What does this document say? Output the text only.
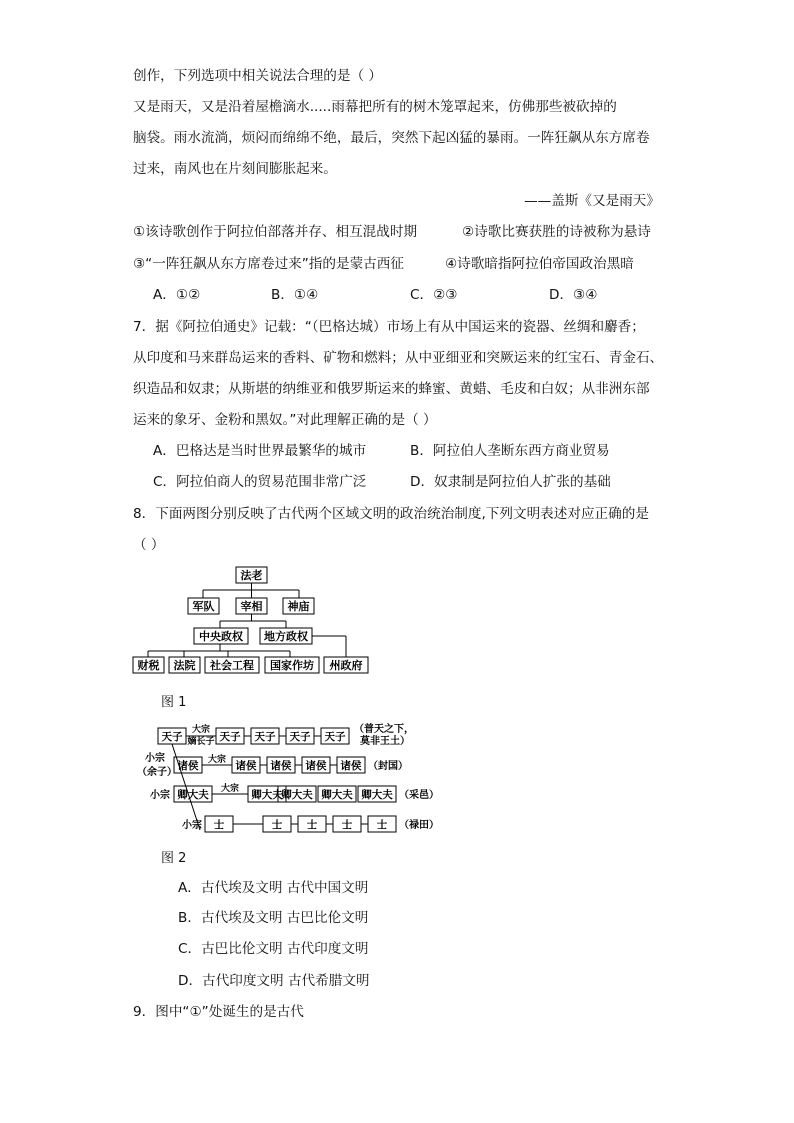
创作，下列选项中相关说法合理的是（ ）
又是雨天，又是沿着屋檐滴水.....雨幕把所有的树木笼罩起来，仿佛那些被砍掉的
脑袋。雨水流淌，烦闷而绵绵不绝，最后，突然下起凶猛的暴雨。一阵狂飙从东方席卷
过来，南风也在片刻间膨胀起来。
——盖斯《又是雨天》
①该诗歌创作于阿拉伯部落并存、相互混战时期	②诗歌比赛获胜的诗被称为悬诗
③“一阵狂飙从东方席卷过来”指的是蒙古西征	④诗歌暗指阿拉伯帝国政治黑暗
A．①②	B．①④	C．②③	D．③④
7．据《阿拉伯通史》记载：“（巴格达城）市场上有从中国运来的瓷器、丝绸和麝香；
从印度和马来群岛运来的香料、矿物和燃料；从中亚细亚和突厥运来的红宝石、青金石、
织造品和奴隶；从斯堪的纳维亚和俄罗斯运来的蜂蜜、黄蜡、毛皮和白奴；从非洲东部
运来的象牙、金粉和黑奴。”对此理解正确的是（ ）
A．巴格达是当时世界最繁华的城市	B．阿拉伯人垄断东西方商业贸易
C．阿拉伯商人的贸易范围非常广泛	D．奴隶制是阿拉伯人扩张的基础
8．下面两图分别反映了古代两个区域文明的政治统治制度,下列文明表述对应正确的是
（ ）
法老
军队 宰相 神庙
中央政权 地方政权
财税 法院 社会工程 国家作坊 州政府
图 1
天子	天子 天子 天子 天子
诸侯	诸侯 诸侯 诸侯 诸侯
卿大夫	卿大夫
卿大夫 卿大夫 卿大夫
士	士 士 士 士
大宗
嫡长子
大宗
大宗
小宗
（余子）
小宗
小宗
（普天之下，
莫非王土）
（封国）
（采邑）
（禄田）
图 2
A．古代埃及文明 古代中国文明
B．古代埃及文明 古巴比伦文明
C．古巴比伦文明 古代印度文明
D．古代印度文明 古代希腊文明
9．图中“①”处诞生的是古代
